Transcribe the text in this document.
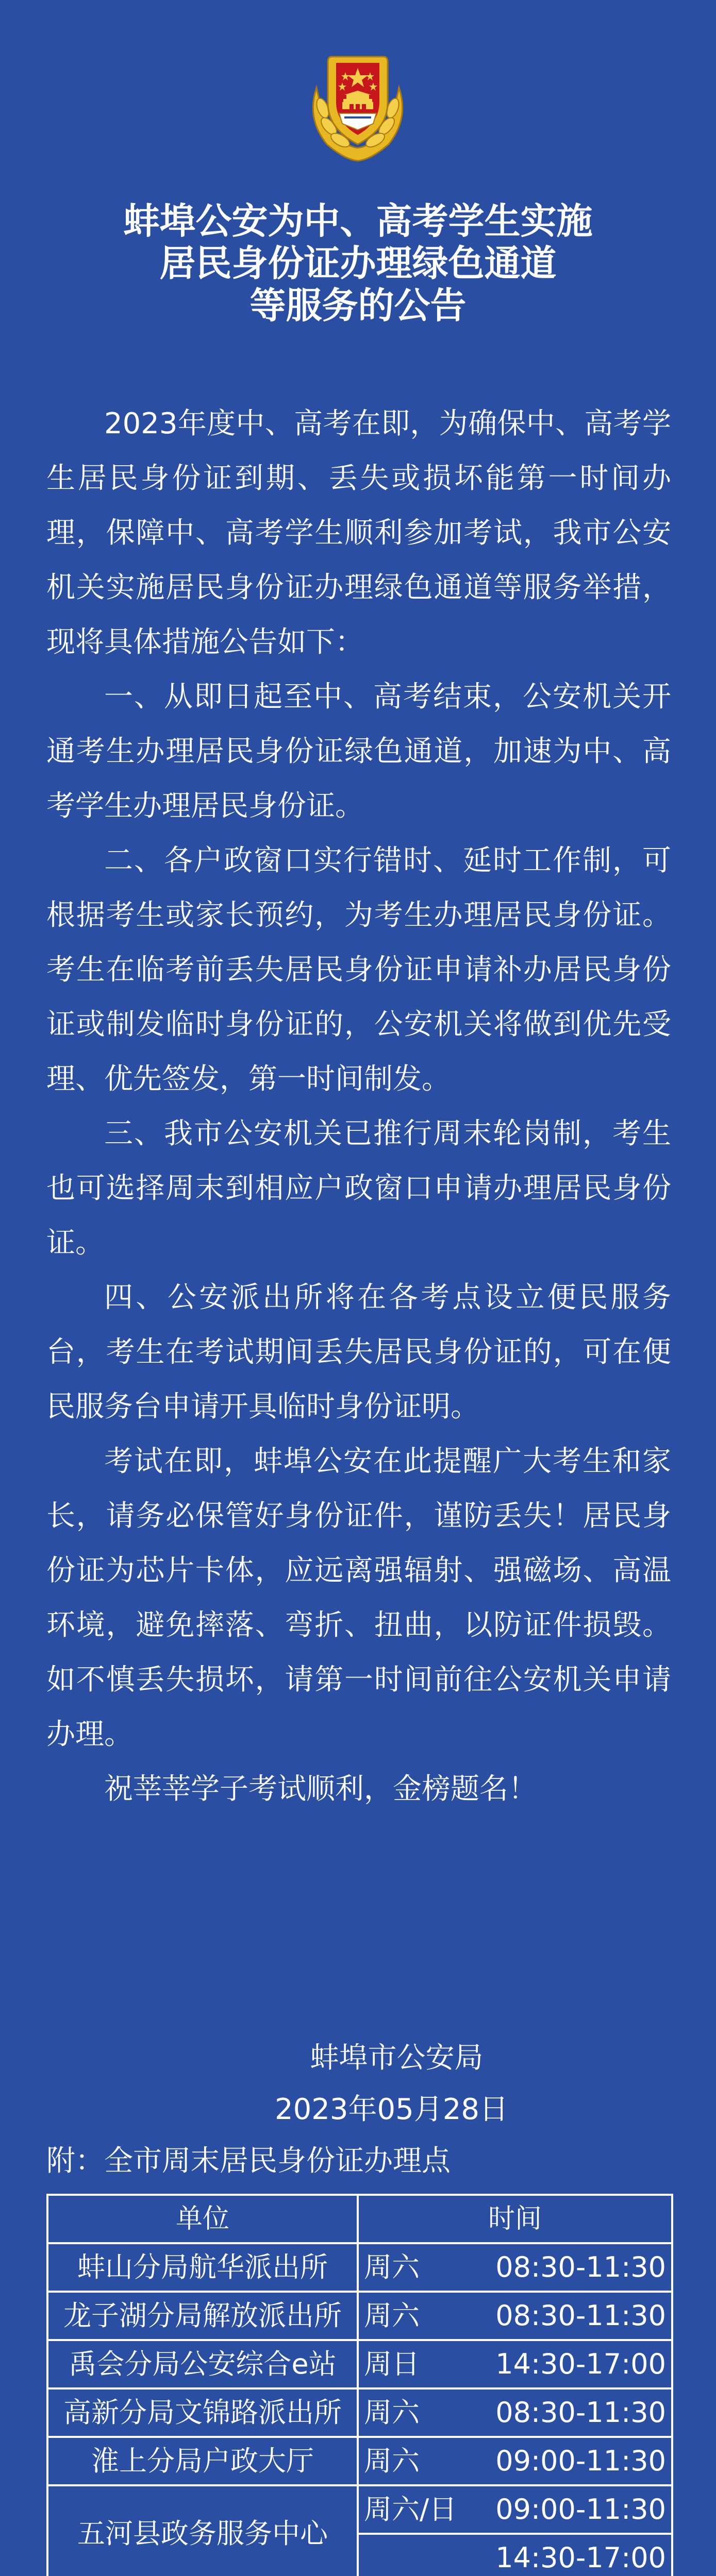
蚌埠公安为中、高考学生实施
居民身份证办理绿色通道
等服务的公告

2023年度中、高考在即，为确保中、高考学生居民身份证到期、丢失或损坏能第一时间办理，保障中、高考学生顺利参加考试，我市公安机关实施居民身份证办理绿色通道等服务举措，现将具体措施公告如下：

一、从即日起至中、高考结束，公安机关开通考生办理居民身份证绿色通道，加速为中、高考学生办理居民身份证。

二、各户政窗口实行错时、延时工作制，可根据考生或家长预约，为考生办理居民身份证。考生在临考前丢失居民身份证申请补办居民身份证或制发临时身份证的，公安机关将做到优先受理、优先签发，第一时间制发。

三、我市公安机关已推行周末轮岗制，考生也可选择周末到相应户政窗口申请办理居民身份证。

四、公安派出所将在各考点设立便民服务台，考生在考试期间丢失居民身份证的，可在便民服务台申请开具临时身份证明。

考试在即，蚌埠公安在此提醒广大考生和家长，请务必保管好身份证件，谨防丢失！居民身份证为芯片卡体，应远离强辐射、强磁场、高温环境，避免摔落、弯折、扭曲，以防证件损毁。如不慎丢失损坏，请第一时间前往公安机关申请办理。

祝莘莘学子考试顺利，金榜题名！

蚌埠市公安局
2023年05月28日
附：全市周末居民身份证办理点
单位	时间
蚌山分局航华派出所	周六 08:30-11:30

龙子湖分局解放派出所	周六 08:30-11:30

禹会分局公安综合e站	周日 14:30-17:00

高新分局文锦路派出所	周六 08:30-11:30

淮上分局户政大厅	周六 09:00-11:30

五河县政务服务中心	周六/日 09:00-11:30

	14:30-17:00
